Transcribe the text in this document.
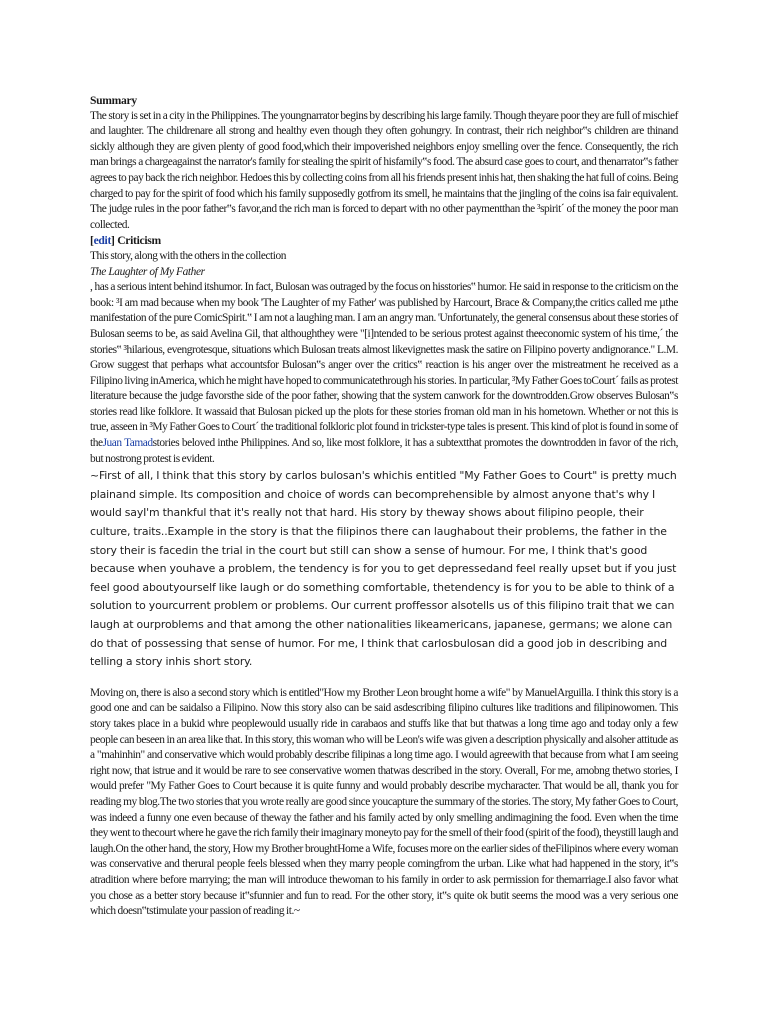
Summary

The story is set in a city in the Philippines. The youngnarrator begins by describing his large family. Though theyare poor they are full of mischief and laughter. The childrenare all strong and healthy even though they often gohungry. In contrast, their rich neighbor‟s children are thinand sickly although they are given plenty of good food,which their impoverished neighbors enjoy smelling over the fence. Consequently, the rich man brings a chargeagainst the narrator's family for stealing the spirit of hisfamily‟s food. The absurd case goes to court, and thenarrator‟s father agrees to pay back the rich neighbor. Hedoes this by collecting coins from all his friends present inhis hat, then shaking the hat full of coins. Being charged to pay for the spirit of food which his family supposedly gotfrom its smell, he maintains that the jingling of the coins isa fair equivalent. The judge rules in the poor father‟s favor,and the rich man is forced to depart with no other paymentthan the ³spirit´ of the money the poor man collected.

[edit] Criticism

This story, along with the others in the collection

The Laughter of My Father

, has a serious intent behind itshumor. In fact, Bulosan was outraged by the focus on hisstories‟ humor. He said in response to the criticism on the book: ³I am mad because when my book 'The Laughter of my Father' was published by Harcourt, Brace & Company,the critics called me µthe manifestation of the pure ComicSpirit.‟ I am not a laughing man. I am an angry man. 'Unfortunately, the general consensus about these stories of Bulosan seems to be, as said Avelina Gil, that althoughthey were "[i]ntended to be serious protest against theeconomic system of his time,´ the stories‟ ³hilarious, evengrotesque, situations which Bulosan treats almost likevignettes mask the satire on Filipino poverty andignorance." L.M. Grow suggest that perhaps what accountsfor Bulosan‟s anger over the critics‟ reaction is his anger over the mistreatment he received as a Filipino living inAmerica, which he might have hoped to communicatethrough his stories. In particular, ³My Father Goes toCourt´ fails as protest literature because the judge favorsthe side of the poor father, showing that the system canwork for the downtrodden.Grow observes Bulosan‟s stories read like folklore. It wassaid that Bulosan picked up the plots for these stories froman old man in his hometown. Whether or not this is true, asseen in ³My Father Goes to Court´ the traditional folkloric plot found in trickster-type tales is present. This kind of plot is found in some of theJuan Tamadstories beloved inthe Philippines. And so, like most folklore, it has a subtextthat promotes the downtrodden in favor of the rich, but nostrong protest is evident.

~First of all, I think that this story by carlos bulosan's whichis entitled "My Father Goes to Court" is pretty much plainand simple. Its composition and choice of words can becomprehensible by almost anyone that's why I would sayI'm thankful that it's really not that hard. His story by theway shows about filipino people, their culture, traits..Example in the story is that the filipinos there can laughabout their problems, the father in the story their is facedin the trial in the court but still can show a sense of humour. For me, I think that's good because when youhave a problem, the tendency is for you to get depressedand feel really upset but if you just feel good aboutyourself like laugh or do something comfortable, thetendency is for you to be able to think of a solution to yourcurrent problem or problems. Our current proffessor alsotells us of this filipino trait that we can laugh at ourproblems and that among the other nationalities likeamericans, japanese, germans; we alone can do that of possessing that sense of humor. For me, I think that carlosbulosan did a good job in describing and telling a story inhis short story.

Moving on, there is also a second story which is entitled"How my Brother Leon brought home a wife" by ManuelArguilla. I think this story is a good one and can be saidalso a Filipino. Now this story also can be said asdescribing filipino cultures like traditions and filipinowomen. This story takes place in a bukid whre peoplewould usually ride in carabaos and stuffs like that but thatwas a long time ago and today only a few people can beseen in an area like that. In this story, this woman who will be Leon's wife was given a description physically and alsoher attitude as a "mahinhin" and conservative which would probably describe filipinas a long time ago. I would agreewith that because from what I am seeing right now, that istrue and it would be rare to see conservative women thatwas described in the story. Overall, For me, amobng thetwo stories, I would prefer "My Father Goes to Court because it is quite funny and would probably describe mycharacter. That would be all, thank you for reading my blog.The two stories that you wrote really are good since youcapture the summary of the stories. The story, My father Goes to Court, was indeed a funny one even because of theway the father and his family acted by only smelling andimagining the food. Even when the time they went to thecourt where he gave the rich family their imaginary moneyto pay for the smell of their food (spirit of the food), theystill laugh and laugh.On the other hand, the story, How my Brother broughtHome a Wife, focuses more on the earlier sides of theFilipinos where every woman was conservative and therural people feels blessed when they marry people comingfrom the urban. Like what had happened in the story, it‟s atradition where before marrying; the man will introduce thewoman to his family in order to ask permission for themarriage.I also favor what you chose as a better story because it‟sfunnier and fun to read. For the other story, it‟s quite ok butit seems the mood was a very serious one which doesn‟tstimulate your passion of reading it.~
